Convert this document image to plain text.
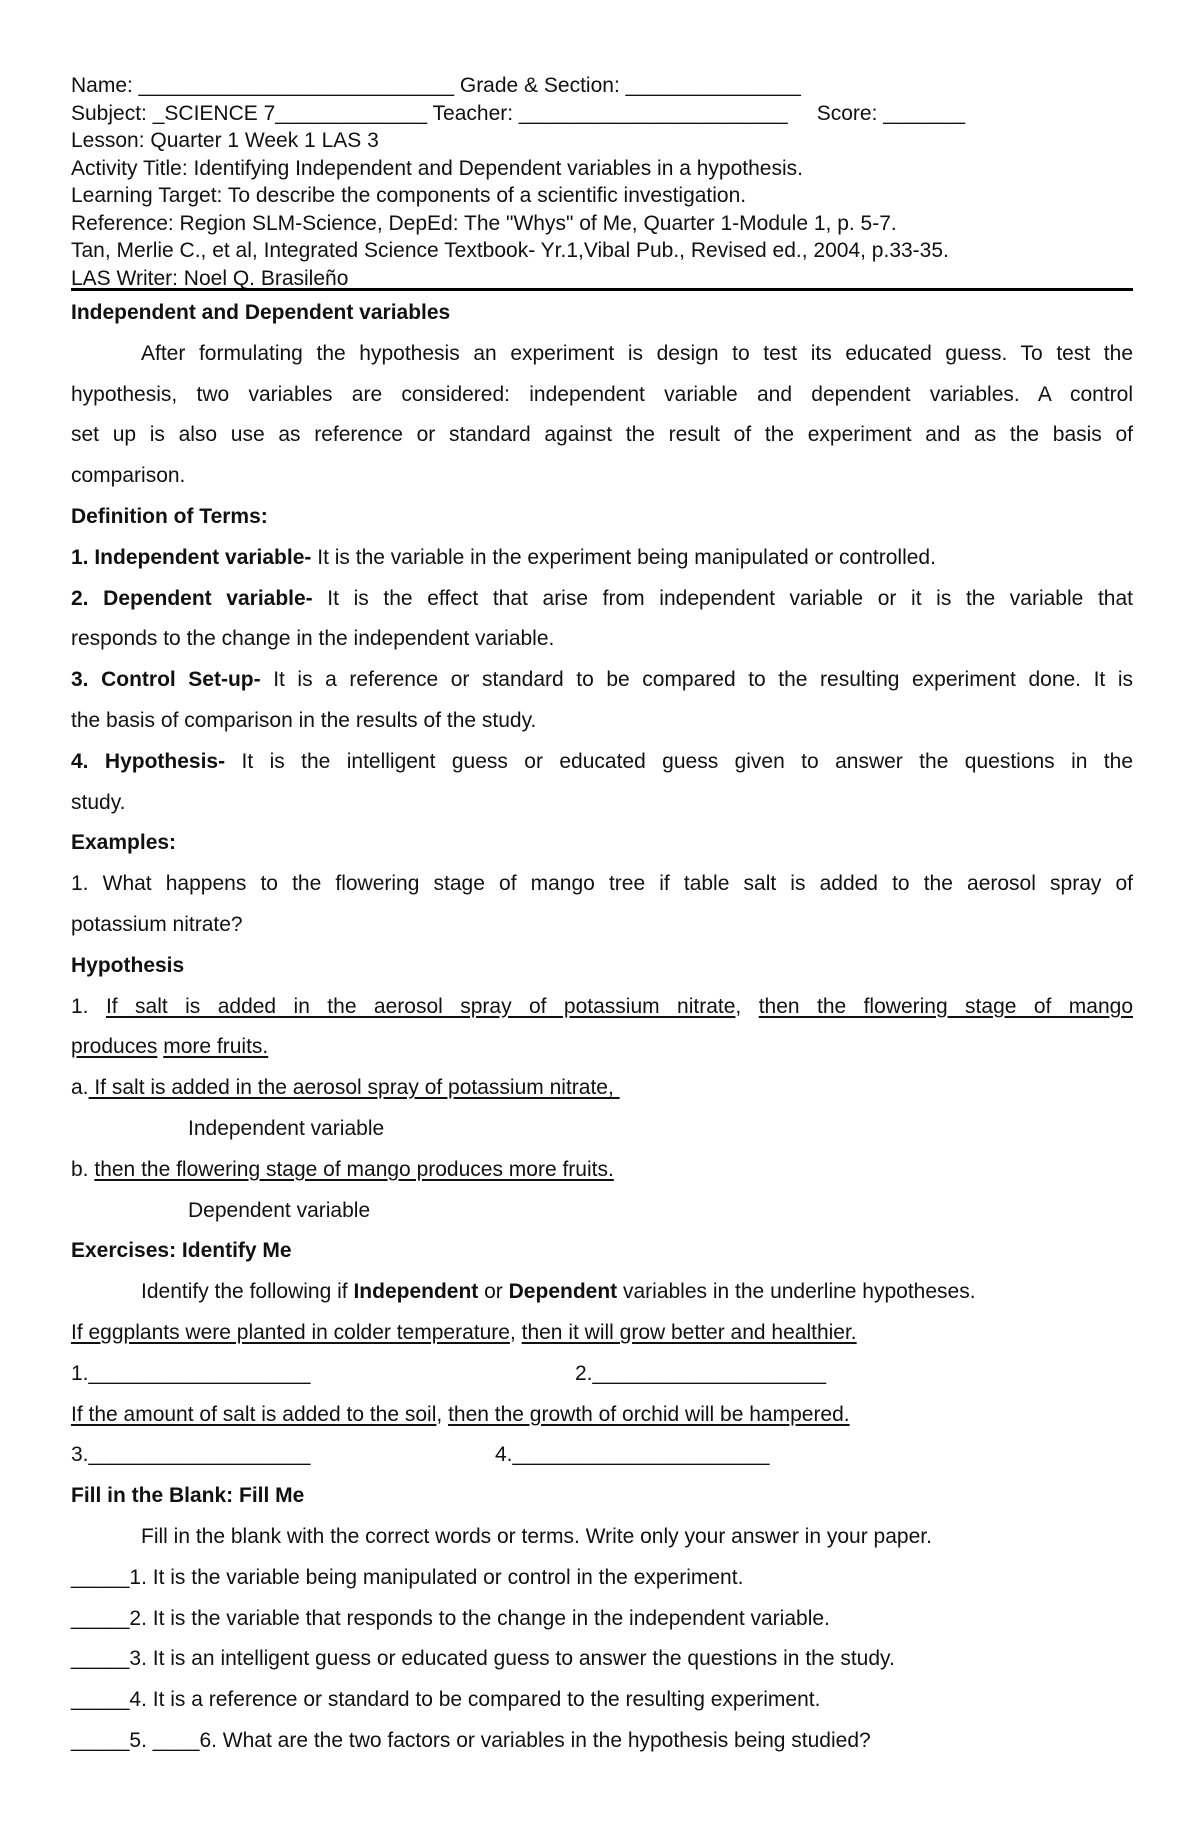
Name: ___________________________ Grade & Section: _______________
Subject: _SCIENCE 7_____________ Teacher: _______________________     Score: _______
Lesson: Quarter 1 Week 1 LAS 3
Activity Title: Identifying Independent and Dependent variables in a hypothesis.
Learning Target: To describe the components of a scientific investigation.
Reference: Region SLM-Science, DepEd: The "Whys" of Me, Quarter 1-Module 1, p. 5-7.
Tan, Merlie C., et al, Integrated Science Textbook- Yr.1,Vibal Pub., Revised ed., 2004, p.33-35.
LAS Writer: Noel Q. Brasileño
Independent and Dependent variables
After formulating the hypothesis an experiment is design to test its educated guess. To test the
hypothesis, two variables are considered: independent variable and dependent variables. A control
set up is also use as reference or standard against the result of the experiment and as the basis of
comparison.
Definition of Terms:
1. Independent variable- It is the variable in the experiment being manipulated or controlled.
2. Dependent variable- It is the effect that arise from independent variable or it is the variable that
responds to the change in the independent variable.
3. Control Set-up- It is a reference or standard to be compared to the resulting experiment done. It is
the basis of comparison in the results of the study.
4. Hypothesis- It is the intelligent guess or educated guess given to answer the questions in the
study.
Examples:
1. What happens to the flowering stage of mango tree if table salt is added to the aerosol spray of
potassium nitrate?
Hypothesis
1. If salt is added in the aerosol spray of potassium nitrate, then the flowering stage of mango
produces more fruits.
a. If salt is added in the aerosol spray of potassium nitrate,
Independent variable
b. then the flowering stage of mango produces more fruits.
Dependent variable
Exercises: Identify Me
Identify the following if Independent or Dependent variables in the underline hypotheses.
If eggplants were planted in colder temperature, then it will grow better and healthier.
1.___________________	2.____________________
If the amount of salt is added to the soil, then the growth of orchid will be hampered.
3.___________________	4.______________________
Fill in the Blank: Fill Me
Fill in the blank with the correct words or terms. Write only your answer in your paper.
_____1. It is the variable being manipulated or control in the experiment.
_____2. It is the variable that responds to the change in the independent variable.
_____3. It is an intelligent guess or educated guess to answer the questions in the study.
_____4. It is a reference or standard to be compared to the resulting experiment.
_____5. ____6. What are the two factors or variables in the hypothesis being studied?
